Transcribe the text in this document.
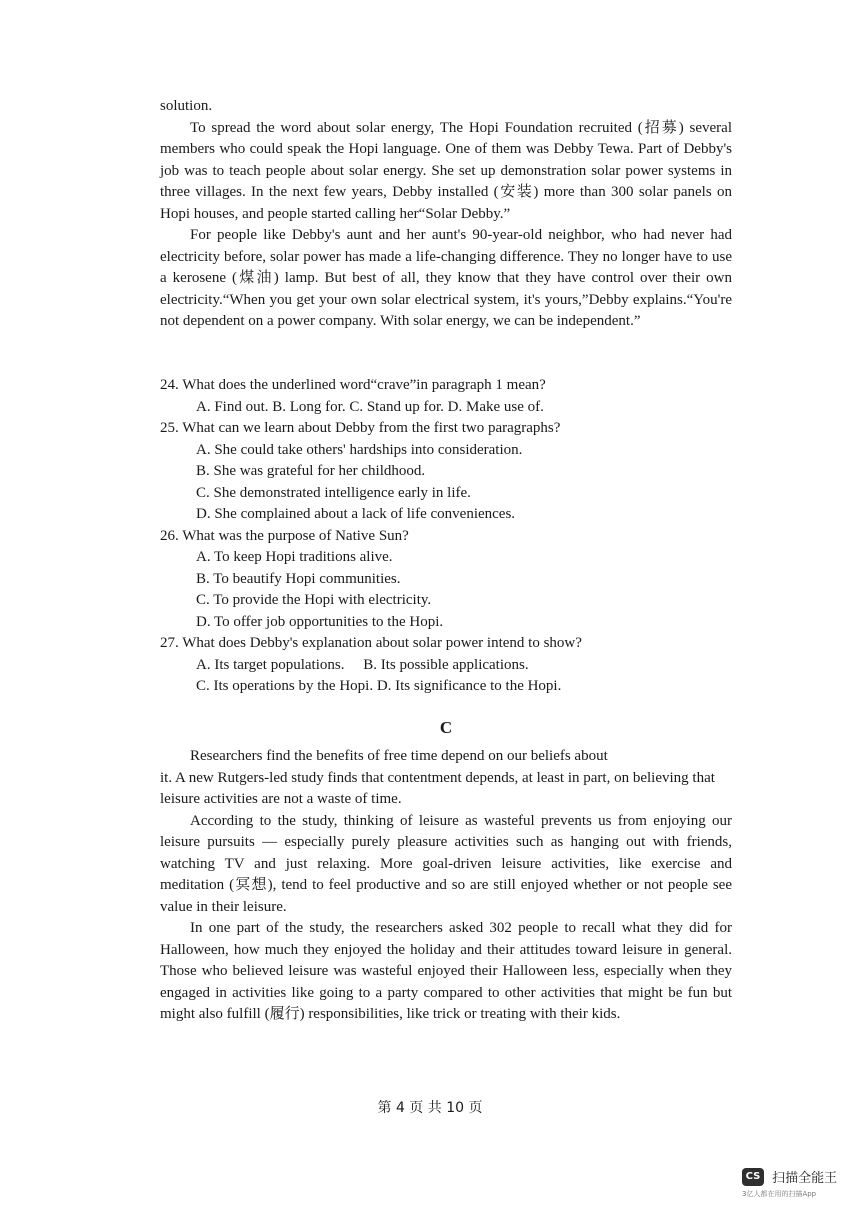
solution.

To spread the word about solar energy, The Hopi Foundation recruited (招募) several members who could speak the Hopi language. One of them was Debby Tewa. Part of Debby's job was to teach people about solar energy. She set up demonstration solar power systems in three villages. In the next few years, Debby installed (安装) more than 300 solar panels on Hopi houses, and people started calling her“Solar Debby.”

For people like Debby's aunt and her aunt's 90-year-old neighbor, who had never had electricity before, solar power has made a life-changing difference. They no longer have to use a kerosene (煤油) lamp. But best of all, they know that they have control over their own electricity.“When you get your own solar electrical system, it's yours,”Debby explains.“You're not dependent on a power company. With solar energy, we can be independent.”

24. What does the underlined word“crave”in paragraph 1 mean?

A. Find out. B. Long for. C. Stand up for. D. Make use of.

25. What can we learn about Debby from the first two paragraphs?

A. She could take others' hardships into consideration.

B. She was grateful for her childhood.

C. She demonstrated intelligence early in life.

D. She complained about a lack of life conveniences.

26. What was the purpose of Native Sun?

A. To keep Hopi traditions alive.

B. To beautify Hopi communities.

C. To provide the Hopi with electricity.

D. To offer job opportunities to the Hopi.

27. What does Debby's explanation about solar power intend to show?

A. Its target populations.     B. Its possible applications.

C. Its operations by the Hopi. D. Its significance to the Hopi.

C

Researchers find the benefits of free time depend on our beliefs about

it. A new Rutgers-led study finds that contentment depends, at least in part, on believing that leisure activities are not a waste of time.

According to the study, thinking of leisure as wasteful prevents us from enjoying our leisure pursuits — especially purely pleasure activities such as hanging out with friends, watching TV and just relaxing. More goal-driven leisure activities, like exercise and meditation (冥想), tend to feel productive and so are still enjoyed whether or not people see value in their leisure.

In one part of the study, the researchers asked 302 people to recall what they did for Halloween, how much they enjoyed the holiday and their attitudes toward leisure in general. Those who believed leisure was wasteful enjoyed their Halloween less, especially when they engaged in activities like going to a party compared to other activities that might be fun but might also fulfill (履行) responsibilities, like trick or treating with their kids.

第 4 页 共 10 页
CS 扫描全能王
3亿人都在用的扫描App
